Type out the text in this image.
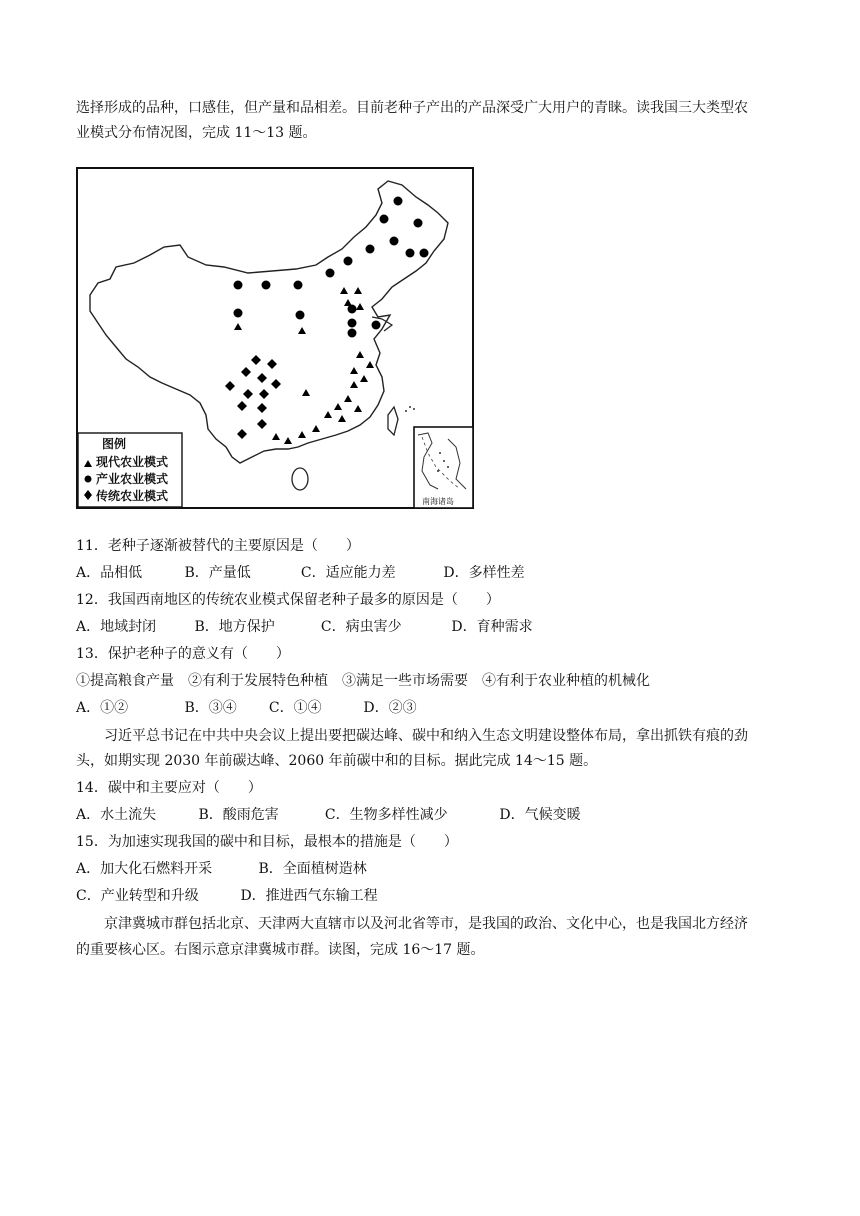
选择形成的品种，口感佳，但产量和品相差。目前老种子产出的产品深受广大用户的青睐。读我国三大类型农
业模式分布情况图，完成 11～13 题。
图例
现代农业模式
产业农业模式
传统农业模式	南海诸岛
11．老种子逐渐被替代的主要原因是（　　）
A．品相低	B．产量低	C．适应能力差	D．多样性差
12．我国西南地区的传统农业模式保留老种子最多的原因是（　　）
A．地域封闭	B．地方保护	C．病虫害少	D．育种需求
13．保护老种子的意义有（　　）
①提高粮食产量　②有利于发展特色种植　③满足一些市场需要　④有利于农业种植的机械化
A．①②	B．③④ C．①④	D．②③
习近平总书记在中共中央会议上提出要把碳达峰、碳中和纳入生态文明建设整体布局，拿出抓铁有痕的劲
头，如期实现 2030 年前碳达峰、2060 年前碳中和的目标。据此完成 14～15 题。
14．碳中和主要应对（　　）
A．水土流失	B．酸雨危害	C．生物多样性减少	D．气候变暖
15．为加速实现我国的碳中和目标，最根本的措施是（　　）
A．加大化石燃料开采	B．全面植树造林
C．产业转型和升级	D．推进西气东输工程
京津冀城市群包括北京、天津两大直辖市以及河北省等市，是我国的政治、文化中心，也是我国北方经济
的重要核心区。右图示意京津冀城市群。读图，完成 16～17 题。
